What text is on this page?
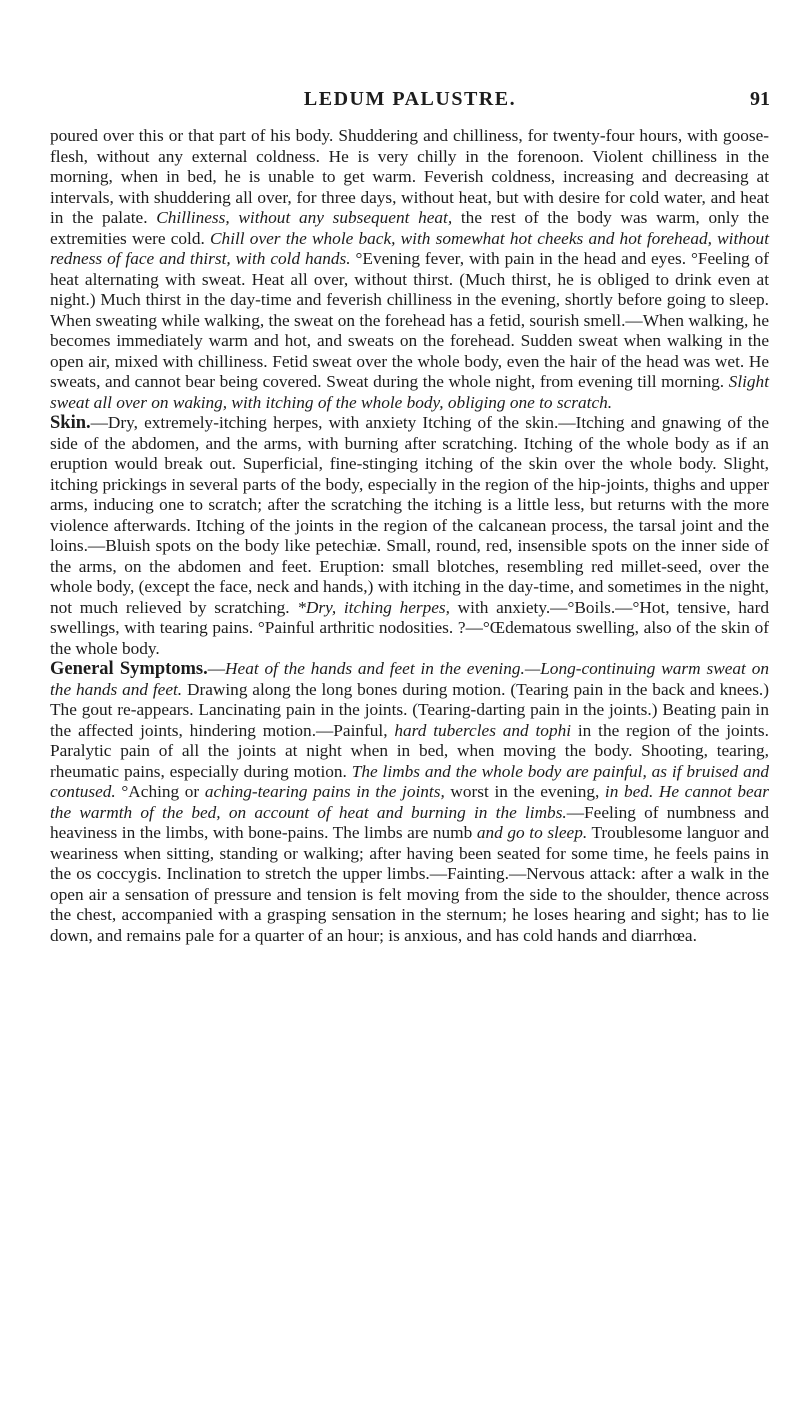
LEDUM PALUSTRE.	91

poured over this or that part of his body. Shuddering and chilliness, for twenty-four hours, with goose-flesh, without any external coldness. He is very chilly in the forenoon. Violent chilliness in the morning, when in bed, he is unable to get warm. Feverish coldness, increasing and decreasing at intervals, with shuddering all over, for three days, without heat, but with desire for cold water, and heat in the palate. Chilliness, without any subsequent heat, the rest of the body was warm, only the extremities were cold. Chill over the whole back, with somewhat hot cheeks and hot forehead, without redness of face and thirst, with cold hands. °Evening fever, with pain in the head and eyes. °Feeling of heat alternating with sweat. Heat all over, without thirst. (Much thirst, he is obliged to drink even at night.) Much thirst in the day-time and feverish chilliness in the evening, shortly before going to sleep. When sweating while walking, the sweat on the forehead has a fetid, sourish smell.—When walking, he becomes immediately warm and hot, and sweats on the forehead. Sudden sweat when walking in the open air, mixed with chilliness. Fetid sweat over the whole body, even the hair of the head was wet. He sweats, and cannot bear being covered. Sweat during the whole night, from evening till morning. Slight sweat all over on waking, with itching of the whole body, obliging one to scratch.

Skin.—Dry, extremely-itching herpes, with anxiety Itching of the skin.—Itching and gnawing of the side of the abdomen, and the arms, with burning after scratching. Itching of the whole body as if an eruption would break out. Superficial, fine-stinging itching of the skin over the whole body. Slight, itching prickings in several parts of the body, especially in the region of the hip-joints, thighs and upper arms, inducing one to scratch; after the scratching the itching is a little less, but returns with the more violence afterwards. Itching of the joints in the region of the calcanean process, the tarsal joint and the loins.—Bluish spots on the body like petechiæ. Small, round, red, insensible spots on the inner side of the arms, on the abdomen and feet. Eruption: small blotches, resembling red millet-seed, over the whole body, (except the face, neck and hands,) with itching in the day-time, and sometimes in the night, not much relieved by scratching. *Dry, itching herpes, with anxiety.—°Boils.—°Hot, tensive, hard swellings, with tearing pains. °Painful arthritic nodosities. ?—°Œdematous swelling, also of the skin of the whole body.

General Symptoms.—Heat of the hands and feet in the evening.—Long-continuing warm sweat on the hands and feet. Drawing along the long bones during motion. (Tearing pain in the back and knees.) The gout re-appears. Lancinating pain in the joints. (Tearing-darting pain in the joints.) Beating pain in the affected joints, hindering motion.—Painful, hard tubercles and tophi in the region of the joints. Paralytic pain of all the joints at night when in bed, when moving the body. Shooting, tearing, rheumatic pains, especially during motion. The limbs and the whole body are painful, as if bruised and contused. °Aching or aching-tearing pains in the joints, worst in the evening, in bed. He cannot bear the warmth of the bed, on account of heat and burning in the limbs.—Feeling of numbness and heaviness in the limbs, with bone-pains. The limbs are numb and go to sleep. Troublesome languor and weariness when sitting, standing or walking; after having been seated for some time, he feels pains in the os coccygis. Inclination to stretch the upper limbs.—Fainting.—Nervous attack: after a walk in the open air a sensation of pressure and tension is felt moving from the side to the shoulder, thence across the chest, accompanied with a grasping sensation in the sternum; he loses hearing and sight; has to lie down, and remains pale for a quarter of an hour; is anxious, and has cold hands and diarrhœa.
